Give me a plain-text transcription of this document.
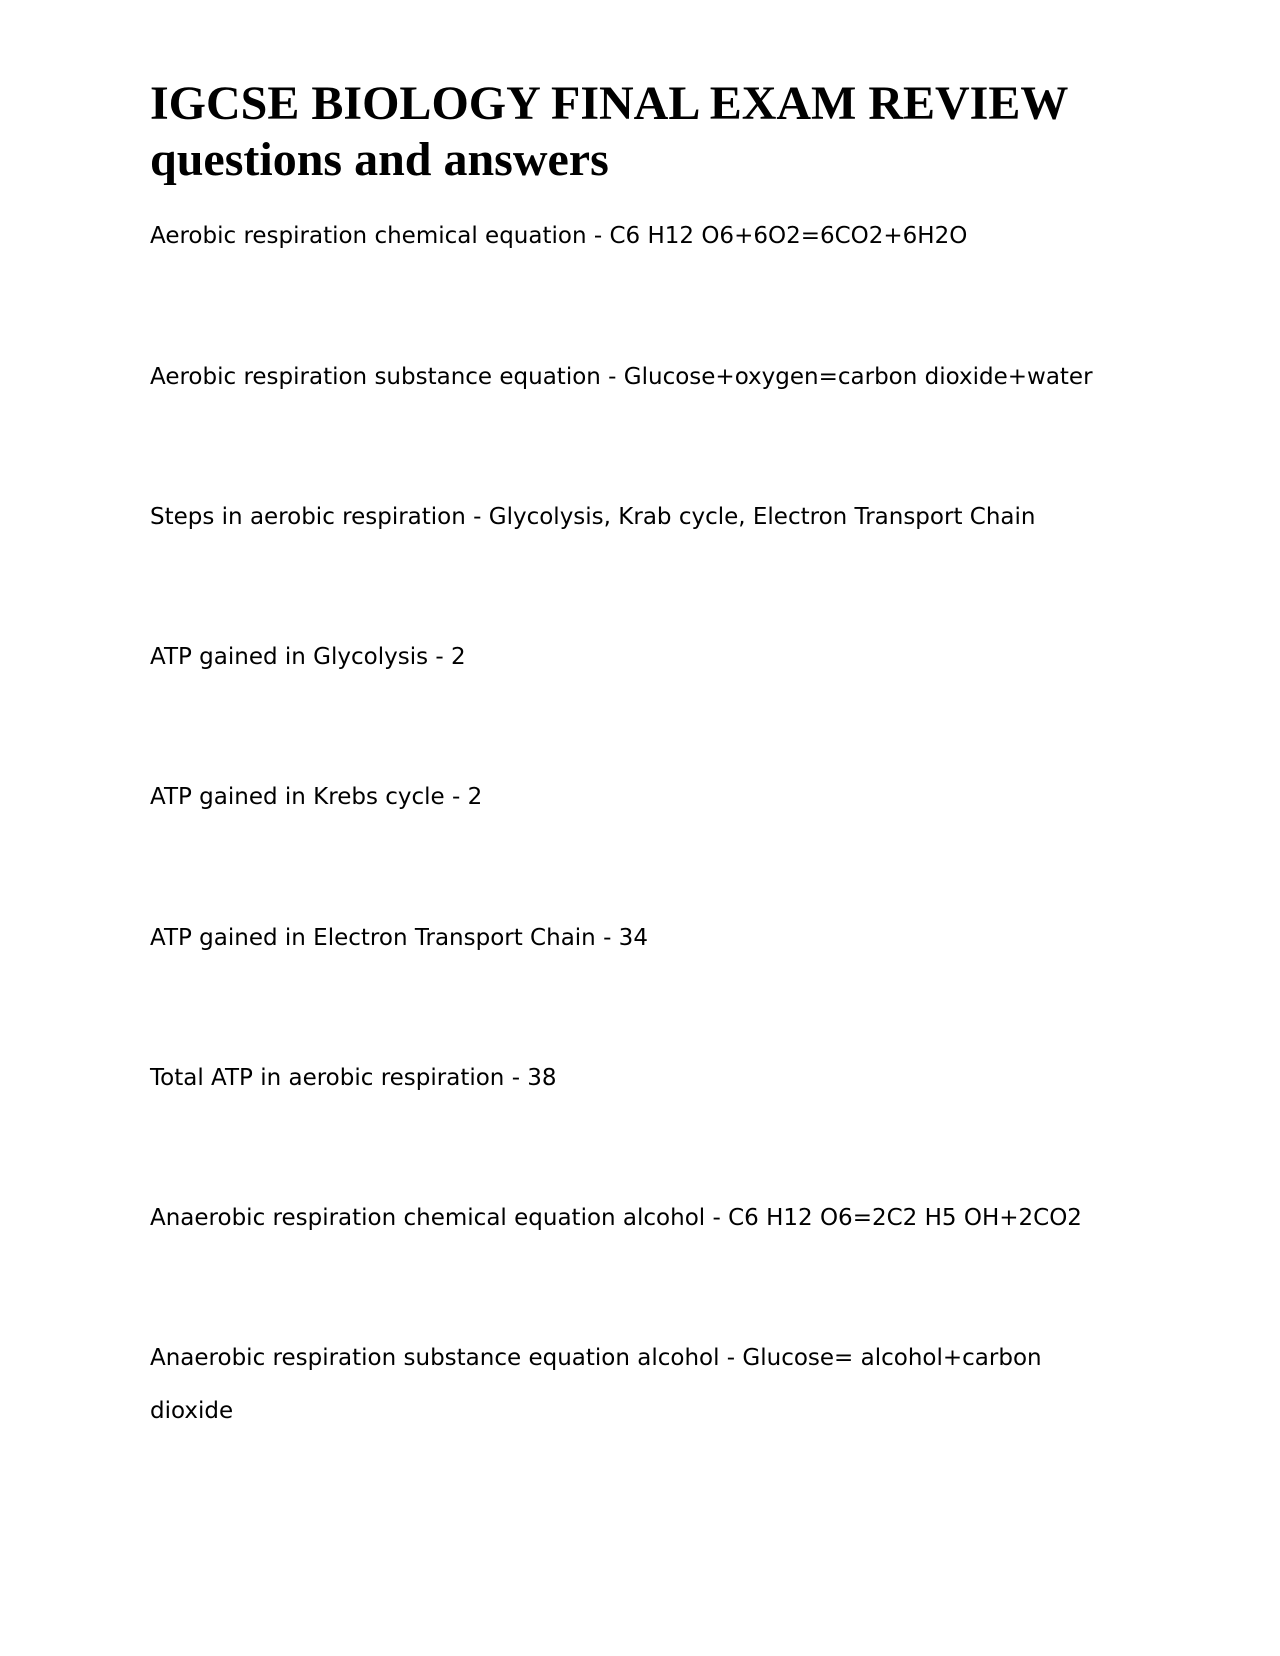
IGCSE BIOLOGY FINAL EXAM REVIEW
questions and answers

Aerobic respiration chemical equation - C6 H12 O6+6O2=6CO2+6H2O

Aerobic respiration substance equation - Glucose+oxygen=carbon dioxide+water

Steps in aerobic respiration - Glycolysis, Krab cycle, Electron Transport Chain

ATP gained in Glycolysis - 2

ATP gained in Krebs cycle - 2

ATP gained in Electron Transport Chain - 34

Total ATP in aerobic respiration - 38

Anaerobic respiration chemical equation alcohol - C6 H12 O6=2C2 H5 OH+2CO2

Anaerobic respiration substance equation alcohol - Glucose= alcohol+carbon dioxide
